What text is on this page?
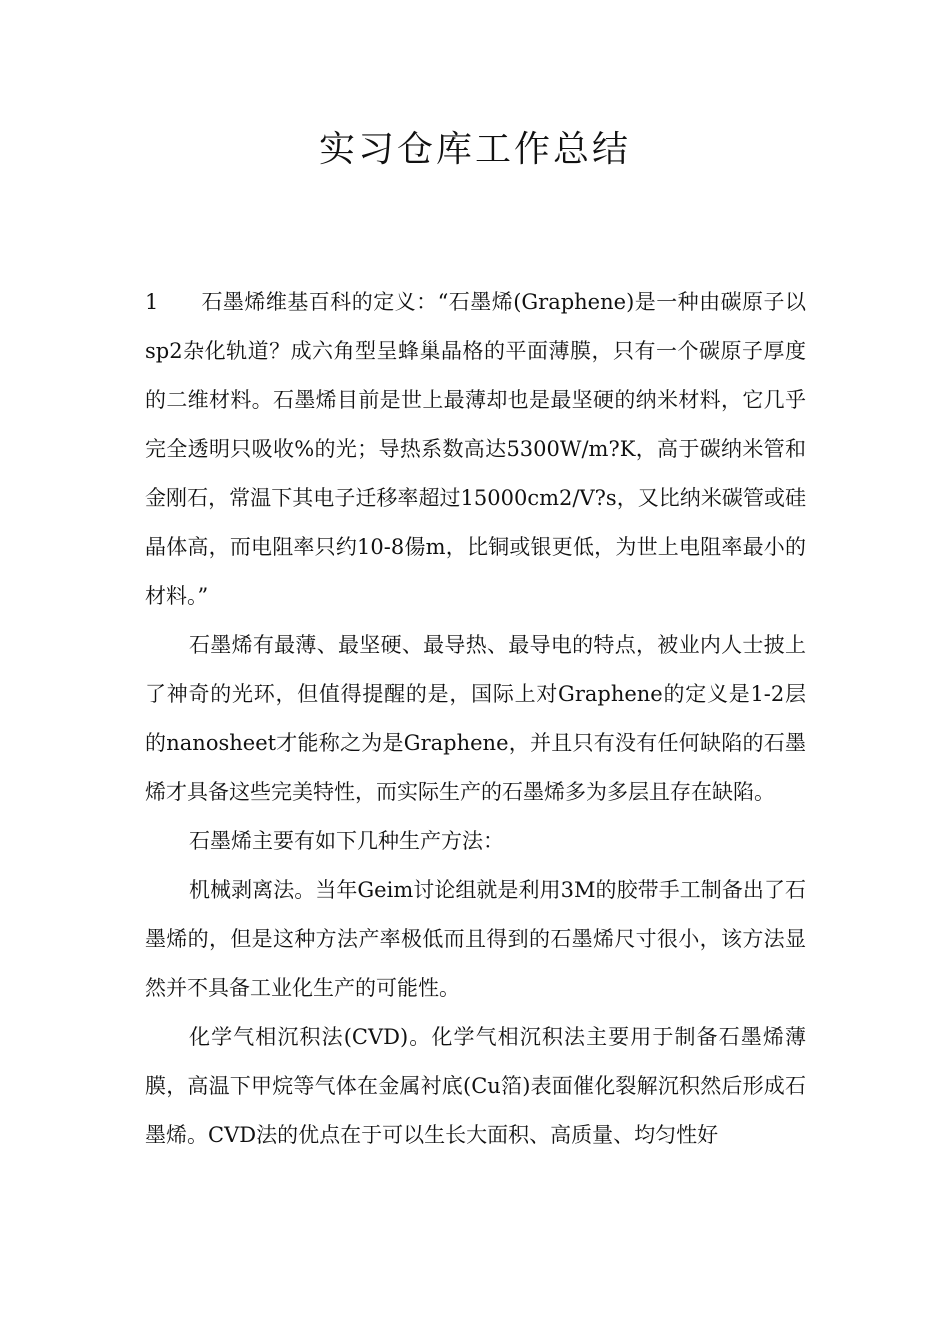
实习仓库工作总结

1 石墨烯维基百科的定义：“石墨烯(Graphene)是一种由碳原子以sp2杂化轨道？成六角型呈蜂巢晶格的平面薄膜，只有一个碳原子厚度的二维材料。石墨烯目前是世上最薄却也是最坚硬的纳米材料，它几乎完全透明只吸收%的光；导热系数高达5300W/m?K，高于碳纳米管和金刚石，常温下其电子迁移率超过15000cm2/V?s，又比纳米碳管或硅晶体高，而电阻率只约10-8偒m，比铜或银更低，为世上电阻率最小的材料。”

石墨烯有最薄、最坚硬、最导热、最导电的特点，被业内人士披上了神奇的光环，但值得提醒的是，国际上对Graphene的定义是1-2层的nanosheet才能称之为是Graphene，并且只有没有任何缺陷的石墨烯才具备这些完美特性，而实际生产的石墨烯多为多层且存在缺陷。

石墨烯主要有如下几种生产方法：

机械剥离法。当年Geim讨论组就是利用3M的胶带手工制备出了石墨烯的，但是这种方法产率极低而且得到的石墨烯尺寸很小，该方法显然并不具备工业化生产的可能性。

化学气相沉积法(CVD)。化学气相沉积法主要用于制备石墨烯薄膜，高温下甲烷等气体在金属衬底(Cu箔)表面催化裂解沉积然后形成石墨烯。CVD法的优点在于可以生长大面积、高质量、均匀性好
